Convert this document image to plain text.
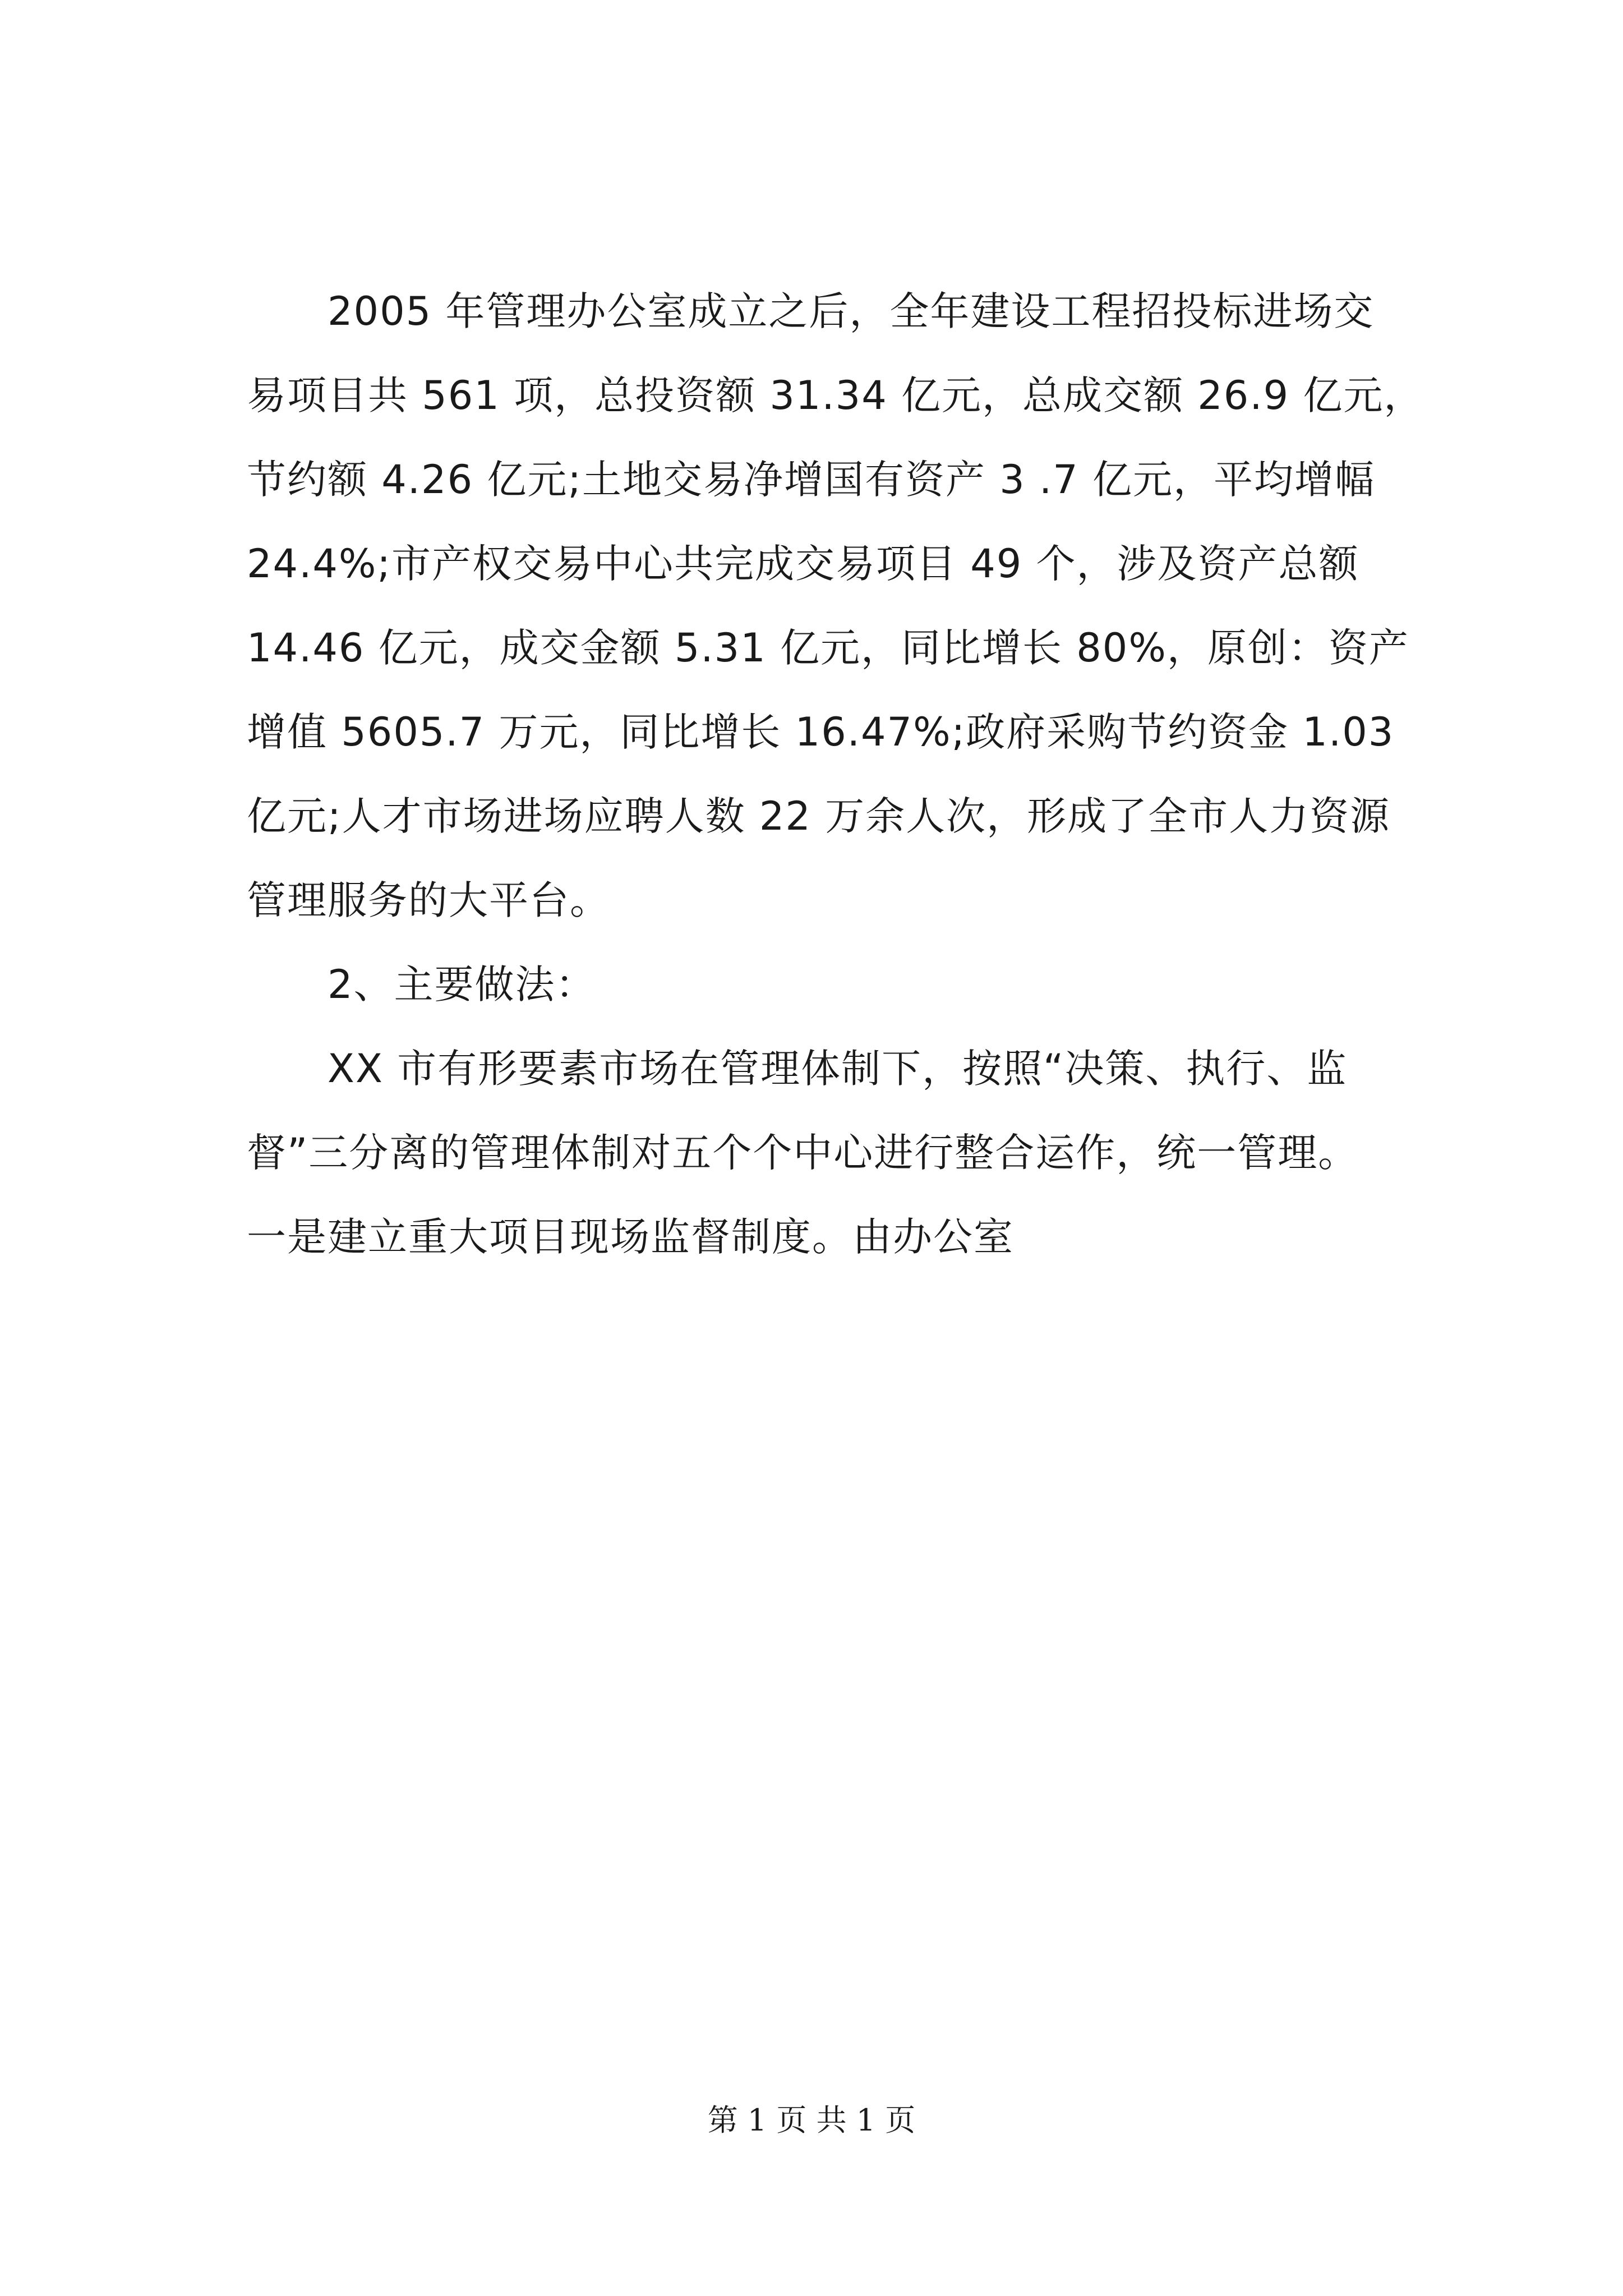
2005 年管理办公室成立之后，全年建设工程招投标进场交
易项目共 561 项，总投资额 31.34 亿元，总成交额 26.9 亿元，
节约额 4.26 亿元;土地交易净增国有资产 3 .7 亿元，平均增幅
24.4%;市产权交易中心共完成交易项目 49 个，涉及资产总额
14.46 亿元，成交金额 5.31 亿元，同比增长 80%，原创：资产
增值 5605.7 万元，同比增长 16.47%;政府采购节约资金 1.03
亿元;人才市场进场应聘人数 22 万余人次，形成了全市人力资源
管理服务的大平台。
2、主要做法：
XX 市有形要素市场在管理体制下，按照“决策、执行、监
督”三分离的管理体制对五个个中心进行整合运作，统一管理。
一是建立重大项目现场监督制度。由办公室
第 1 页 共 1 页
